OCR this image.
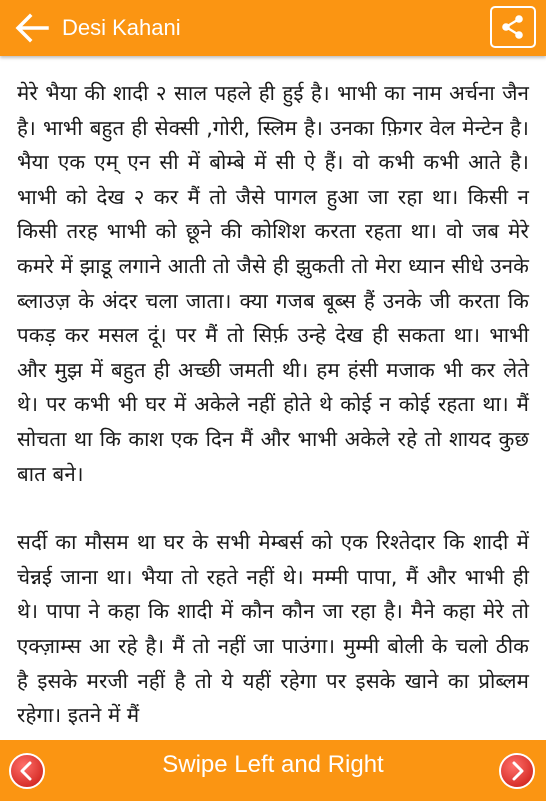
Desi Kahani

मेरे भैया की शादी २ साल पहले ही हुई है। भाभी का नाम अर्चना जैन है। भाभी बहुत ही सेक्सी ,गोरी, स्लिम है। उनका फ़िगर वेल मेन्टेन है। भैया एक एम् एन सी में बोम्बे में सी ऐ हैं। वो कभी कभी आते है। भाभी को देख २ कर मैं तो जैसे पागल हुआ जा रहा था। किसी न किसी तरह भाभी को छूने की कोशिश करता रहता था। वो जब मेरे कमरे में झाडू लगाने आती तो जैसे ही झुकती तो मेरा ध्यान सीधे उनके ब्लाउज़ के अंदर चला जाता। क्या गजब बूब्स हैं उनके जी करता कि पकड़ कर मसल दूं। पर मैं तो सिर्फ़ उन्हे देख ही सकता था। भाभी और मुझ में बहुत ही अच्छी जमती थी। हम हंसी मजाक भी कर लेते थे। पर कभी भी घर में अकेले नहीं होते थे कोई न कोई रहता था। मैं सोचता था कि काश एक दिन मैं और भाभी अकेले रहे तो शायद कुछ बात बने।

सर्दी का मौसम था घर के सभी मेम्बर्स को एक रिश्तेदार कि शादी में चेन्नई जाना था। भैया तो रहते नहीं थे। मम्मी पापा, मैं और भाभी ही थे। पापा ने कहा कि शादी में कौन कौन जा रहा है। मैने कहा मेरे तो एक्ज़ाम्स आ रहे है। मैं तो नहीं जा पाउंगा। मुम्मी बोली के चलो ठीक है इसके मरजी नहीं है तो ये यहीं रहेगा पर इसके खाने का प्रोब्लम रहेगा। इतने में मैं

Swipe Left and Right
